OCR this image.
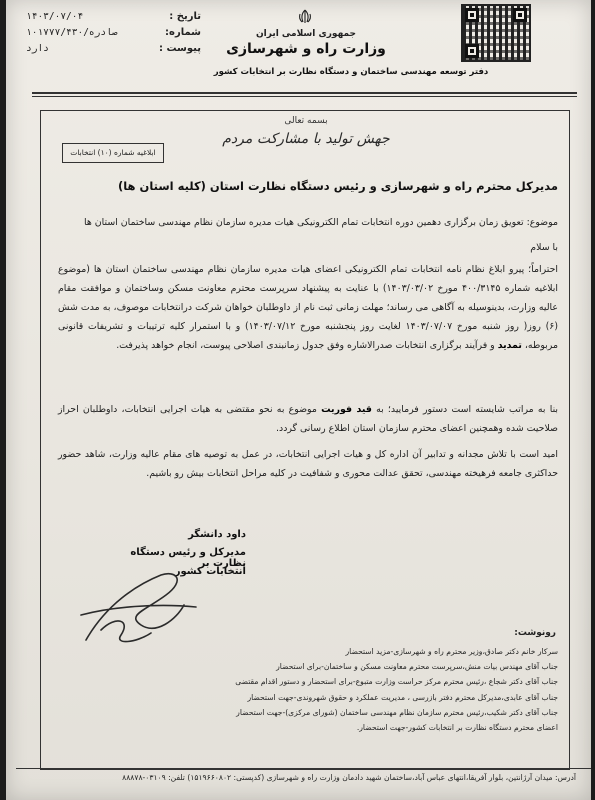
جمهوری اسلامی ایران
وزارت راه و شهرسازی
دفتر توسعه مهندسی ساختمان و دستگاه نظارت بر انتخابات کشور
تاریخ :
۱۴۰۳/۰۷/۰۴
شماره:
۱۰۱۷۷۷/۴۳۰/صادره
پیوست :
دارد
بسمه تعالی
جهش تولید با مشارکت مردم
ابلاغیه شماره (۱۰) انتخابات
مدیرکل محترم راه و شهرسازی و رئیس دستگاه نظارت استان (کلیه استان ها)
موضوع: تعویق زمان برگزاری دهمین دوره انتخابات تمام الکترونیکی هیات مدیره سازمان نظام مهندسی ساختمان استان ها
با سلام
احتراماً؛ پیرو ابلاغ نظام نامه انتخابات تمام الکترونیکی اعضای هیات مدیره سازمان نظام مهندسی ساختمان استان ها (موضوع ابلاغیه شماره ۴۰۰/۳۱۴۵ مورخ ۱۴۰۳/۰۳/۰۲) با عنایت به پیشنهاد سرپرست محترم معاونت مسکن وساختمان و موافقت مقام عالیه وزارت، بدینوسیله به آگاهی می رساند؛ مهلت زمانی ثبت نام از داوطلبان خواهان شرکت درانتخابات موصوف، به مدت شش (۶) روز( روز شنبه مورخ ۱۴۰۳/۰۷/۰۷ لغایت روز پنجشنبه مورخ ۱۴۰۳/۰۷/۱۲) و با استمرار کلیه ترتیبات و تشریفات قانونی مربوطه، تمدید و فرآیند برگزاری انتخابات صدرالاشاره وفق جدول زمانبندی اصلاحی پیوست، انجام خواهد پذیرفت.
بنا به مراتب شایسته است دستور فرمایید؛ به قید فوریت موضوع به نحو مقتضی به هیات اجرایی انتخابات، داوطلبان احراز صلاحیت شده وهمچنین اعضای محترم سازمان استان اطلاع رسانی گردد.
امید است با تلاش مجدانه و تدابیر آن اداره کل و هیات اجرایی انتخابات، در عمل به توصیه های مقام عالیه وزارت، شاهد حضور حداکثری جامعه فرهیخته مهندسی، تحقق عدالت محوری و شفافیت در کلیه مراحل انتخابات بیش رو باشیم.
داود دانشگر
مدیرکل و رئیس دستگاه نظارت بر
انتخابات کشور
رونوشت:
سرکار خانم دکتر صادق،وزیر محترم راه و شهرسازی-مزید استحضار
جناب آقای مهندس بیات منش،سرپرست محترم معاونت مسکن و ساختمان-برای استحضار
جناب آقای دکتر شجاع ،رئیس محترم مرکز حراست وزارت متبوع-برای استحضار و دستور اقدام مقتضی
جناب آقای عابدی،مدیرکل محترم دفتر بازرسی ، مدیریت عملکرد و حقوق شهروندی-جهت استحضار
جناب آقای دکتر شکیب،رئیس محترم سازمان نظام مهندسی ساختمان (شورای مرکزی)-جهت استحضار
اعضای محترم دستگاه نظارت بر انتخابات کشور-جهت استحضار.
آدرس: میدان آرژانتین، بلوار آفریقا،انتهای عباس آباد،ساختمان شهید دادمان وزارت راه و شهرسازی (کدپستی: ۱۵۱۹۶۶۰۸۰۲) تلفن: ۰۳۱۰۹-۸۸۸۷۸
